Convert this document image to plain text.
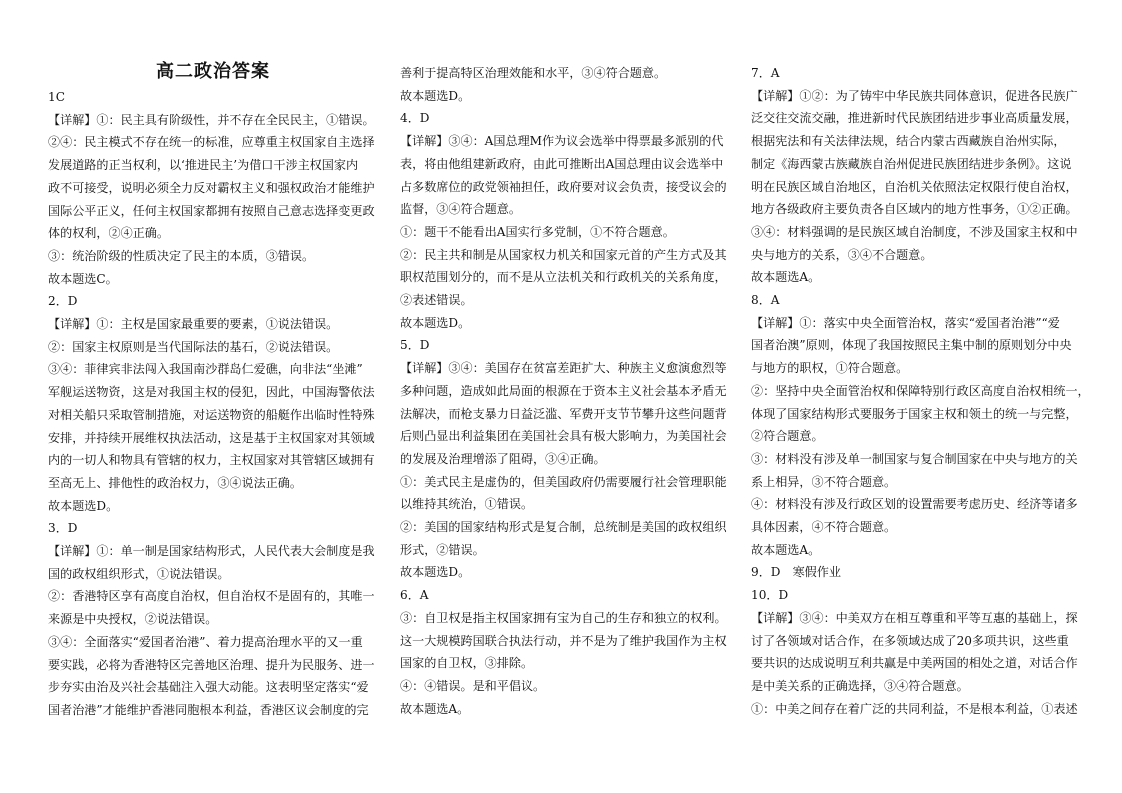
高二政治答案
1C
【详解】①：民主具有阶级性，并不存在全民民主，①错误。
②④：民主模式不存在统一的标准，应尊重主权国家自主选择
发展道路的正当权利，以‘推进民主’为借口干涉主权国家内
政不可接受，说明必须全力反对霸权主义和强权政治才能维护
国际公平正义，任何主权国家都拥有按照自己意志选择变更政
体的权利，②④正确。
③：统治阶级的性质决定了民主的本质，③错误。
故本题选C。
2．D
【详解】①：主权是国家最重要的要素，①说法错误。
②：国家主权原则是当代国际法的基石，②说法错误。
③④：菲律宾非法闯入我国南沙群岛仁爱礁，向非法“坐滩”
军舰运送物资，这是对我国主权的侵犯，因此，中国海警依法
对相关船只采取管制措施，对运送物资的船艇作出临时性特殊
安排，并持续开展维权执法活动，这是基于主权国家对其领域
内的一切人和物具有管辖的权力，主权国家对其管辖区域拥有
至高无上、排他性的政治权力，③④说法正确。
故本题选D。
3．D
【详解】①：单一制是国家结构形式，人民代表大会制度是我
国的政权组织形式，①说法错误。
②：香港特区享有高度自治权，但自治权不是固有的，其唯一
来源是中央授权，②说法错误。
③④：全面落实“爱国者治港”、着力提高治理水平的又一重
要实践，必将为香港特区完善地区治理、提升为民服务、进一
步夯实由治及兴社会基础注入强大动能。这表明坚定落实“爱
国者治港”才能维护香港同胞根本利益，香港区议会制度的完
善利于提高特区治理效能和水平，③④符合题意。
故本题选D。
4．D
【详解】③④：A国总理M作为议会选举中得票最多派别的代
表，将由他组建新政府，由此可推断出A国总理由议会选举中
占多数席位的政党领袖担任，政府要对议会负责，接受议会的
监督，③④符合题意。
①：题干不能看出A国实行多党制，①不符合题意。
②：民主共和制是从国家权力机关和国家元首的产生方式及其
职权范围划分的，而不是从立法机关和行政机关的关系角度，
②表述错误。
故本题选D。
5．D
【详解】③④：美国存在贫富差距扩大、种族主义愈演愈烈等
多种问题，造成如此局面的根源在于资本主义社会基本矛盾无
法解决，而枪支暴力日益泛滥、军费开支节节攀升这些问题背
后则凸显出利益集团在美国社会具有极大影响力，为美国社会
的发展及治理增添了阻碍，③④正确。
①：美式民主是虚伪的，但美国政府仍需要履行社会管理职能
以维持其统治，①错误。
②：美国的国家结构形式是复合制，总统制是美国的政权组织
形式，②错误。
故本题选D。
6．A
③：自卫权是指主权国家拥有宝为自己的生存和独立的权利。
这一大规模跨国联合执法行动，并不是为了维护我国作为主权
国家的自卫权，③排除。
④：④错误。是和平倡议。
故本题选A。
7．A
【详解】①②：为了铸牢中华民族共同体意识，促进各民族广
泛交往交流交融，推进新时代民族团结进步事业高质量发展，
根据宪法和有关法律法规，结合内蒙古西藏族自治州实际，
制定《海西蒙古族藏族自治州促进民族团结进步条例》。这说
明在民族区域自治地区，自治机关依照法定权限行使自治权，
地方各级政府主要负责各自区域内的地方性事务，①②正确。
③④：材料强调的是民族区域自治制度，不涉及国家主权和中
央与地方的关系，③④不合题意。
故本题选A。
8．A
【详解】①：落实中央全面管治权，落实“爱国者治港”“爱
国者治澳”原则，体现了我国按照民主集中制的原则划分中央
与地方的职权，①符合题意。
②：坚持中央全面管治权和保障特别行政区高度自治权相统一，
体现了国家结构形式要服务于国家主权和领土的统一与完整，
②符合题意。
③：材料没有涉及单一制国家与复合制国家在中央与地方的关
系上相异，③不符合题意。
④：材料没有涉及行政区划的设置需要考虑历史、经济等诸多
具体因素，④不符合题意。
故本题选A。
9．D　寒假作业
10．D
【详解】③④：中美双方在相互尊重和平等互惠的基础上，探
讨了各领域对话合作，在多领域达成了20多项共识，这些重
要共识的达成说明互利共赢是中美两国的相处之道，对话合作
是中美关系的正确选择，③④符合题意。
①：中美之间存在着广泛的共同利益，不是根本利益，①表述
